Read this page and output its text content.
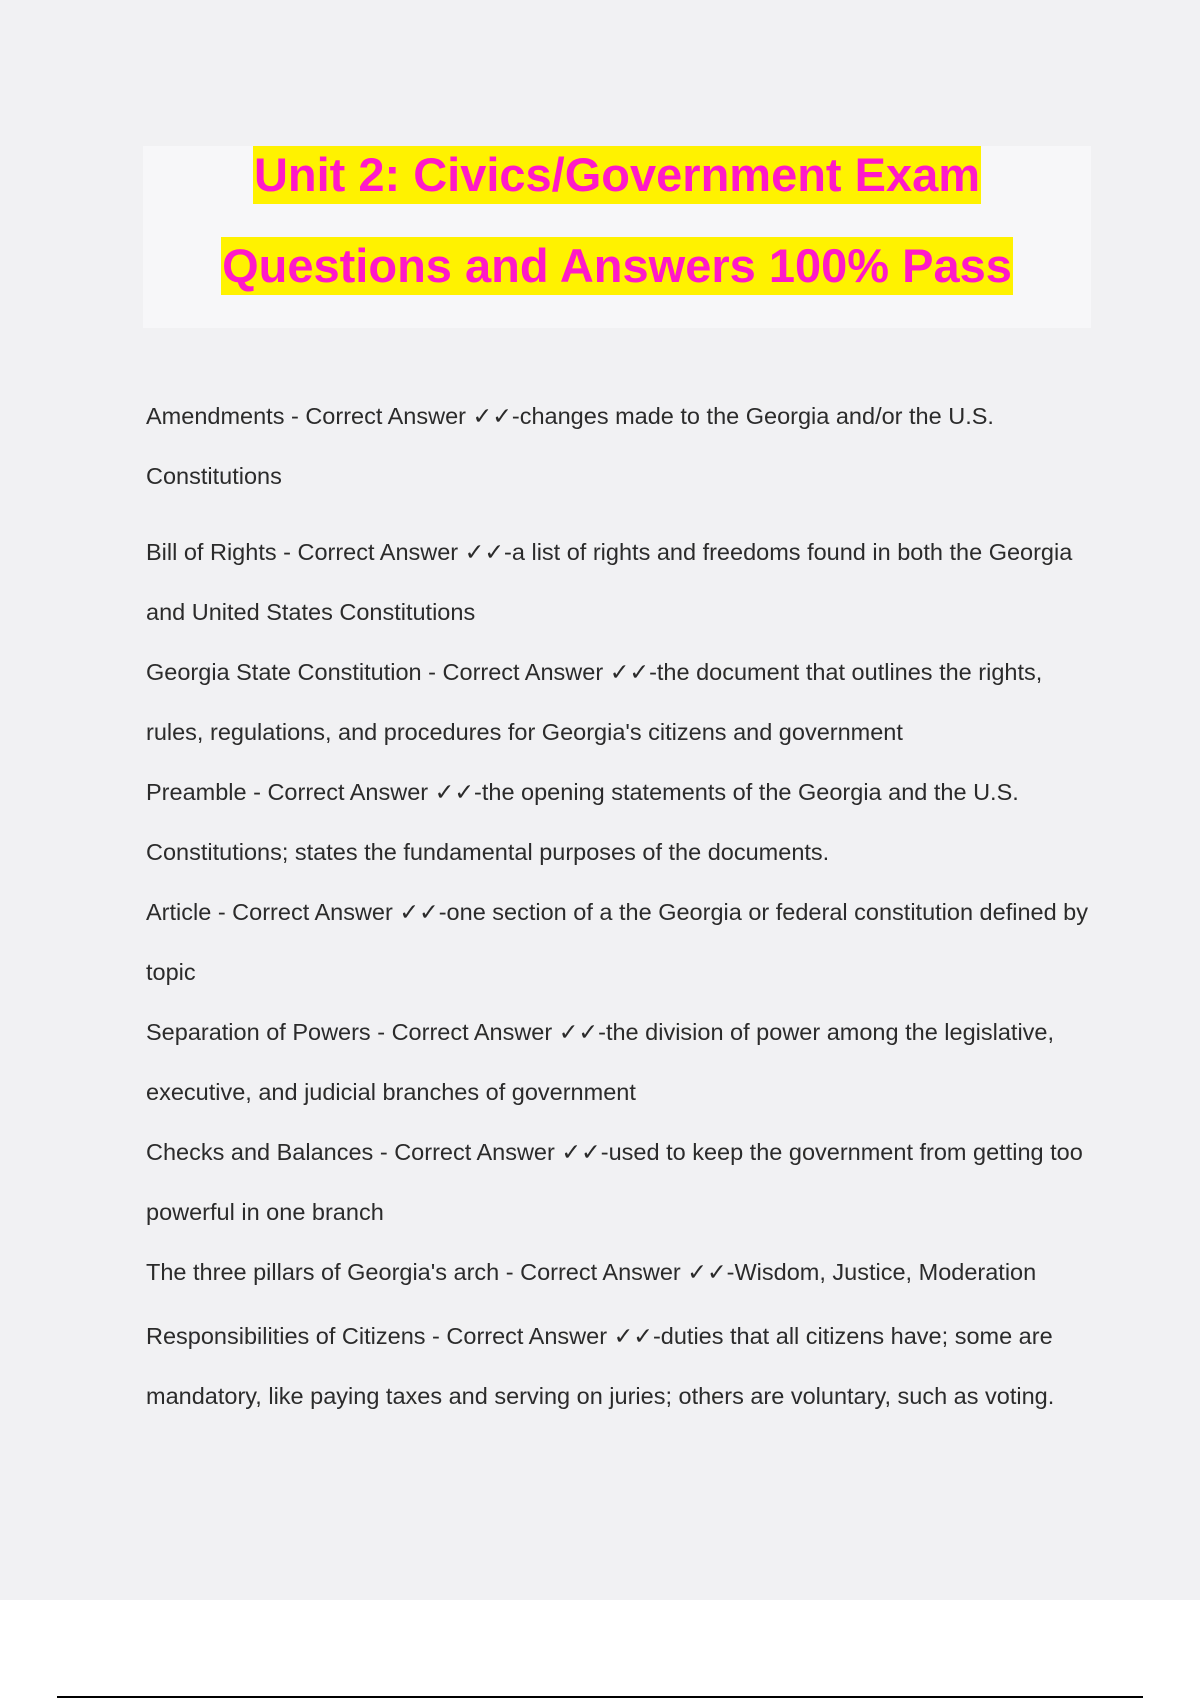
Unit 2: Civics/Government Exam
Questions and Answers 100% Pass

Amendments - Correct Answer ✓✓-changes made to the Georgia and/or the U.S. Constitutions

Bill of Rights - Correct Answer ✓✓-a list of rights and freedoms found in both the Georgia and United States Constitutions

Georgia State Constitution - Correct Answer ✓✓-the document that outlines the rights, rules, regulations, and procedures for Georgia's citizens and government

Preamble - Correct Answer ✓✓-the opening statements of the Georgia and the U.S. Constitutions; states the fundamental purposes of the documents.

Article - Correct Answer ✓✓-one section of a the Georgia or federal constitution defined by topic

Separation of Powers - Correct Answer ✓✓-the division of power among the legislative, executive, and judicial branches of government

Checks and Balances - Correct Answer ✓✓-used to keep the government from getting too powerful in one branch

The three pillars of Georgia's arch - Correct Answer ✓✓-Wisdom, Justice, Moderation

Responsibilities of Citizens - Correct Answer ✓✓-duties that all citizens have; some are mandatory, like paying taxes and serving on juries; others are voluntary, such as voting.
